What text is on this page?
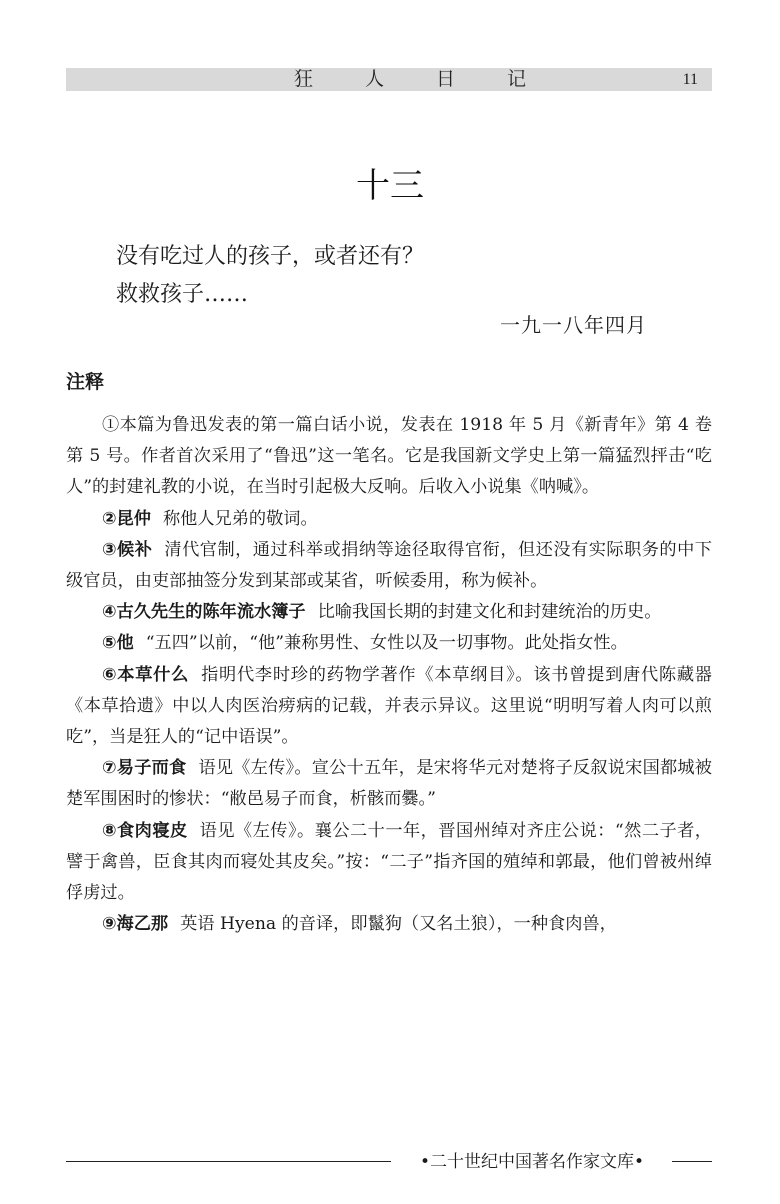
狂人日记	11
十三
没有吃过人的孩子，或者还有？
救救孩子……
一九一八年四月
注释

①本篇为鲁迅发表的第一篇白话小说，发表在 1918 年 5 月《新青年》第 4 卷第 5 号。作者首次采用了“鲁迅”这一笔名。它是我国新文学史上第一篇猛烈抨击“吃人”的封建礼教的小说，在当时引起极大反响。后收入小说集《呐喊》。

②昆仲 称他人兄弟的敬词。

③候补 清代官制，通过科举或捐纳等途径取得官衔，但还没有实际职务的中下级官员，由吏部抽签分发到某部或某省，听候委用，称为候补。

④古久先生的陈年流水簿子 比喻我国长期的封建文化和封建统治的历史。

⑤他 “五四”以前，“他”兼称男性、女性以及一切事物。此处指女性。

⑥本草什么 指明代李时珍的药物学著作《本草纲目》。该书曾提到唐代陈藏器《本草拾遗》中以人肉医治痨病的记载，并表示异议。这里说“明明写着人肉可以煎吃”，当是狂人的“记中语误”。

⑦易子而食 语见《左传》。宣公十五年，是宋将华元对楚将子反叙说宋国都城被楚军围困时的惨状：“敝邑易子而食，析骸而爨。”

⑧食肉寝皮 语见《左传》。襄公二十一年，晋国州绰对齐庄公说：“然二子者，譬于禽兽，臣食其肉而寝处其皮矣。”按：“二子”指齐国的殖绰和郭最，他们曾被州绰俘虏过。

⑨海乙那 英语 Hyena 的音译，即鬣狗（又名土狼），一种食肉兽，

•二十世纪中国著名作家文库•
